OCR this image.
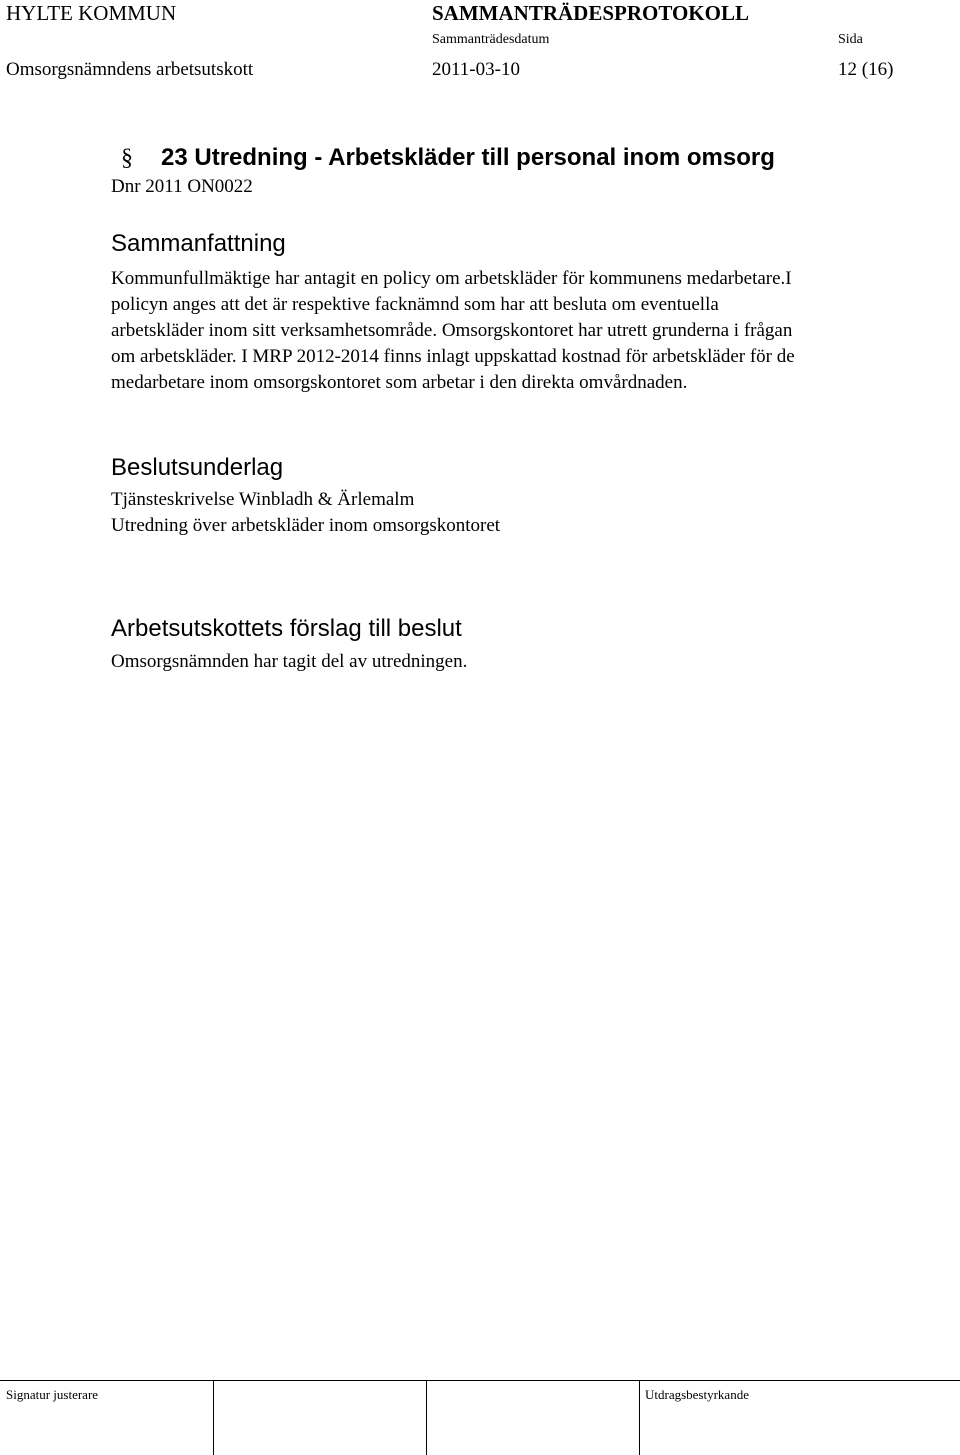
HYLTE KOMMUN	SAMMANTRÄDESPROTOKOLL
Sammanträdesdatum	Sida
Omsorgsnämndens arbetsutskott	2011-03-10	12 (16)
§ 23 Utredning - Arbetskläder till personal inom omsorg
Dnr 2011 ON0022
Sammanfattning
Kommunfullmäktige har antagit en policy om arbetskläder för kommunens medarbetare.I
policyn anges att det är respektive facknämnd som har att besluta om eventuella
arbetskläder inom sitt verksamhetsområde. Omsorgskontoret har utrett grunderna i frågan
om arbetskläder. I MRP 2012-2014 finns inlagt uppskattad kostnad för arbetskläder för de
medarbetare inom omsorgskontoret som arbetar i den direkta omvårdnaden.
Beslutsunderlag
Tjänsteskrivelse Winbladh & Ärlemalm
Utredning över arbetskläder inom omsorgskontoret
Arbetsutskottets förslag till beslut
Omsorgsnämnden har tagit del av utredningen.
Signatur justerare	Utdragsbestyrkande
